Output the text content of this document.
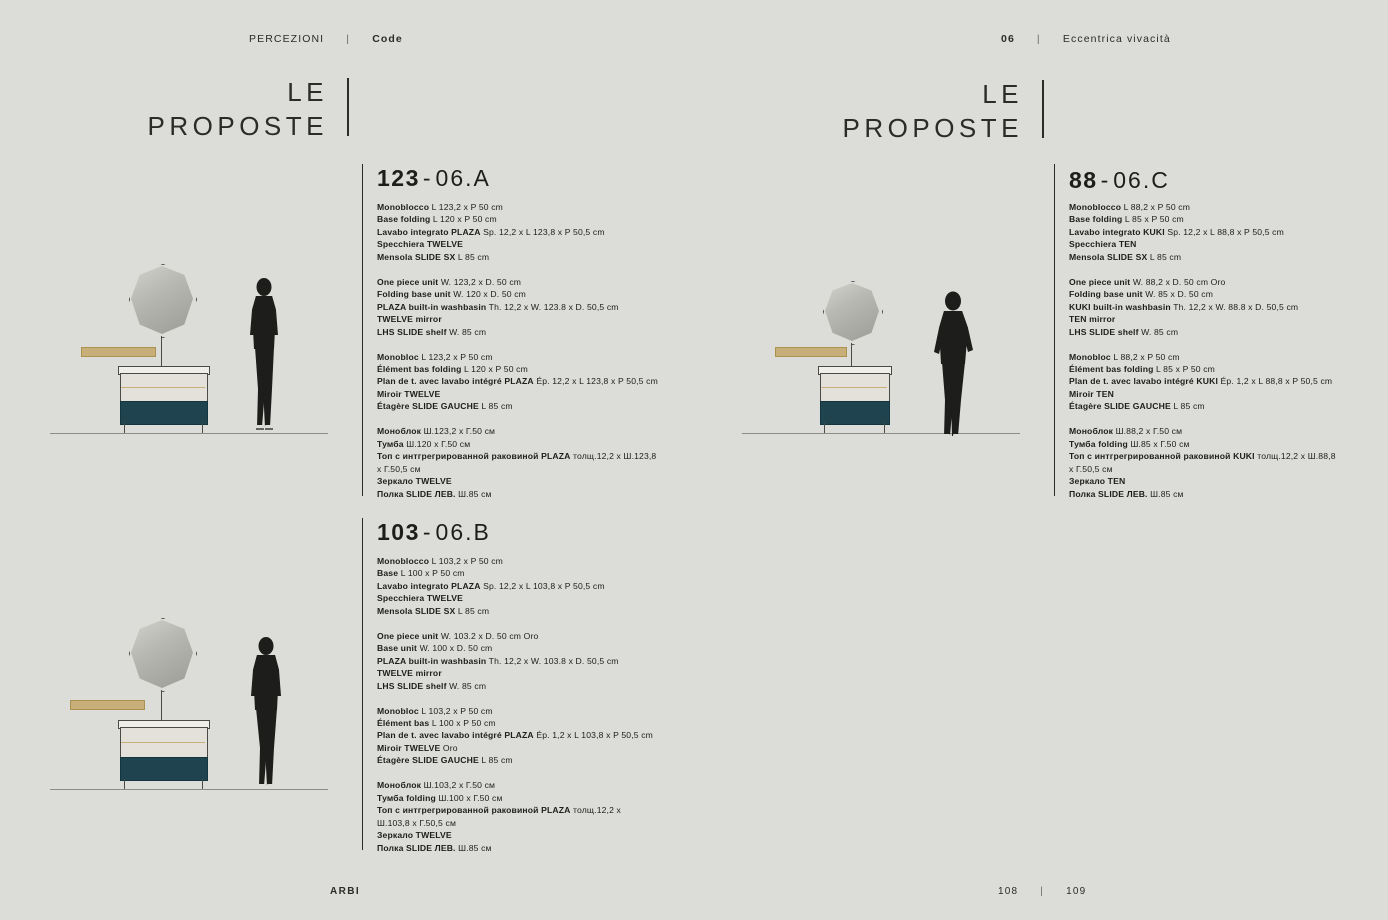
PERCEZIONI | Code	06 | Eccentrica vivacità
LE
PROPOSTE
LE
PROPOSTE
123 - 06.A
Monoblocco L 123,2 x P 50 cm
Base folding L 120 x P 50 cm
Lavabo integrato PLAZA Sp. 12,2 x L 123,8 x P 50,5 cm
Specchiera TWELVE
Mensola SLIDE SX L 85 cm
One piece unit W. 123,2 x D. 50 cm
Folding base unit W. 120 x D. 50 cm
PLAZA built-in washbasin Th. 12,2 x W. 123.8 x D. 50,5 cm
TWELVE mirror
LHS SLIDE shelf W. 85 cm
Monobloc L 123,2 x P 50 cm
Élément bas folding L 120 x P 50 cm
Plan de t. avec lavabo intégré PLAZA Ép. 12,2 x L 123,8 x P 50,5 cm
Miroir TWELVE
Étagère SLIDE GAUCHE L 85 cm
Моноблок Ш.123,2 х Г.50 см
Тумба Ш.120 х Г.50 см
Топ с интгрегрированной раковиной PLAZA толщ.12,2 х Ш.123,8
х Г.50,5 см
Зеркало TWELVE
Полка SLIDE ЛЕВ. Ш.85 см
103 - 06.B
Monoblocco L 103,2 x P 50 cm
Base L 100 x P 50 cm
Lavabo integrato PLAZA Sp. 12,2 x L 103,8 x P 50,5 cm
Specchiera TWELVE
Mensola SLIDE SX L 85 cm
One piece unit W. 103.2 x D. 50 cm Oro
Base unit W. 100 x D. 50 cm
PLAZA built-in washbasin Th. 12,2 x W. 103.8 x D. 50,5 cm
TWELVE mirror
LHS SLIDE shelf W. 85 cm
Monobloc L 103,2 x P 50 cm
Élément bas L 100 x P 50 cm
Plan de t. avec lavabo intégré PLAZA Ép. 1,2 x L 103,8 x P 50,5 cm
Miroir TWELVE Oro
Étagère SLIDE GAUCHE L 85 cm
Моноблок Ш.103,2 х Г.50 см
Тумба folding Ш.100 х Г.50 см
Топ с интгрегрированной раковиной PLAZA толщ.12,2 х
Ш.103,8 х Г.50,5 см
Зеркало TWELVE
Полка SLIDE ЛЕВ. Ш.85 см
88 - 06.C
Monoblocco L 88,2 x P 50 cm
Base folding L 85 x P 50 cm
Lavabo integrato KUKI Sp. 12,2 x L 88,8 x P 50,5 cm
Specchiera TEN
Mensola SLIDE SX L 85 cm
One piece unit W. 88,2 x D. 50 cm Oro
Folding base unit W. 85 x D. 50 cm
KUKI built-in washbasin Th. 12,2 x W. 88.8 x D. 50,5 cm
TEN mirror
LHS SLIDE shelf W. 85 cm
Monobloc L 88,2 x P 50 cm
Élément bas folding L 85 x P 50 cm
Plan de t. avec lavabo intégré KUKI Ép. 1,2 x L 88,8 x P 50,5 cm
Miroir TEN
Étagère SLIDE GAUCHE L 85 cm
Моноблок Ш.88,2 х Г.50 см
Тумба folding Ш.85 х Г.50 см
Топ с интгрегрированной раковиной KUKI толщ.12,2 х Ш.88,8
х Г.50,5 см
Зеркало TEN
Полка SLIDE ЛЕВ. Ш.85 см
ARBI	108 | 109
